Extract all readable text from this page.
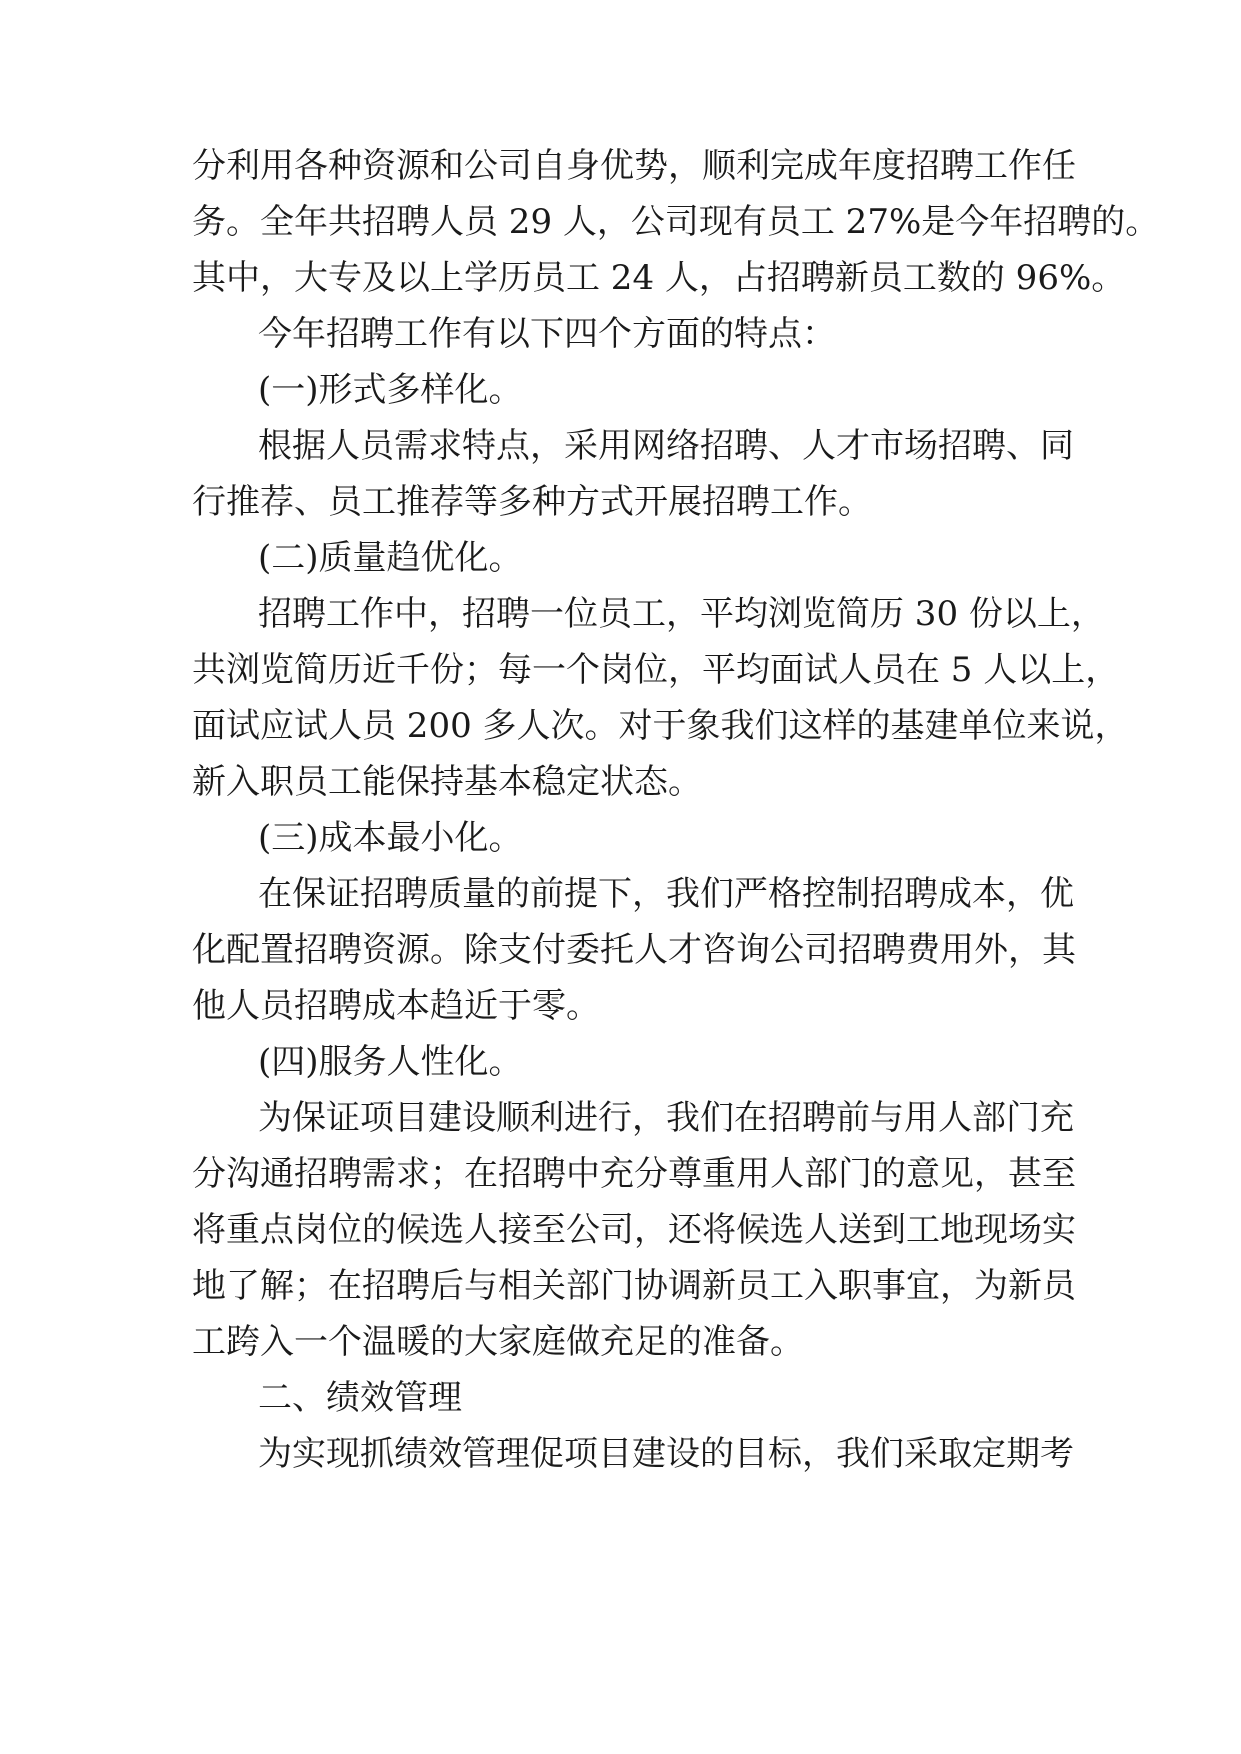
分利用各种资源和公司自身优势，顺利完成年度招聘工作任
务。全年共招聘人员 29 人，公司现有员工 27%是今年招聘的。
其中，大专及以上学历员工 24 人，占招聘新员工数的 96%。
今年招聘工作有以下四个方面的特点：
(一)形式多样化。
根据人员需求特点，采用网络招聘、人才市场招聘、同
行推荐、员工推荐等多种方式开展招聘工作。
(二)质量趋优化。
招聘工作中，招聘一位员工，平均浏览简历 30 份以上，
共浏览简历近千份；每一个岗位，平均面试人员在 5 人以上，
面试应试人员 200 多人次。对于象我们这样的基建单位来说，
新入职员工能保持基本稳定状态。
(三)成本最小化。
在保证招聘质量的前提下，我们严格控制招聘成本，优
化配置招聘资源。除支付委托人才咨询公司招聘费用外，其
他人员招聘成本趋近于零。
(四)服务人性化。
为保证项目建设顺利进行，我们在招聘前与用人部门充
分沟通招聘需求；在招聘中充分尊重用人部门的意见，甚至
将重点岗位的候选人接至公司，还将候选人送到工地现场实
地了解；在招聘后与相关部门协调新员工入职事宜，为新员
工跨入一个温暖的大家庭做充足的准备。
二、绩效管理
为实现抓绩效管理促项目建设的目标，我们采取定期考
